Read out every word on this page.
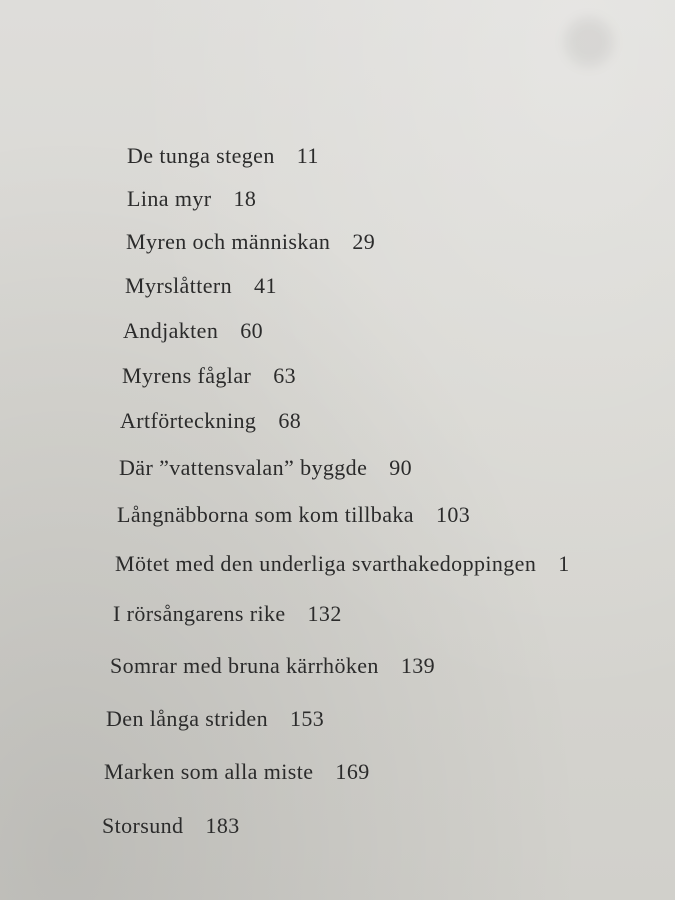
De tunga stegen 11
Lina myr 18
Myren och människan 29
Myrslåttern 41
Andjakten 60
Myrens fåglar 63
Artförteckning 68
Där ”vattensvalan” byggde 90
Långnäbborna som kom tillbaka 103
Mötet med den underliga svarthakedoppingen 1
I rörsångarens rike 132
Somrar med bruna kärrhöken 139
Den långa striden 153
Marken som alla miste 169
Storsund 183
